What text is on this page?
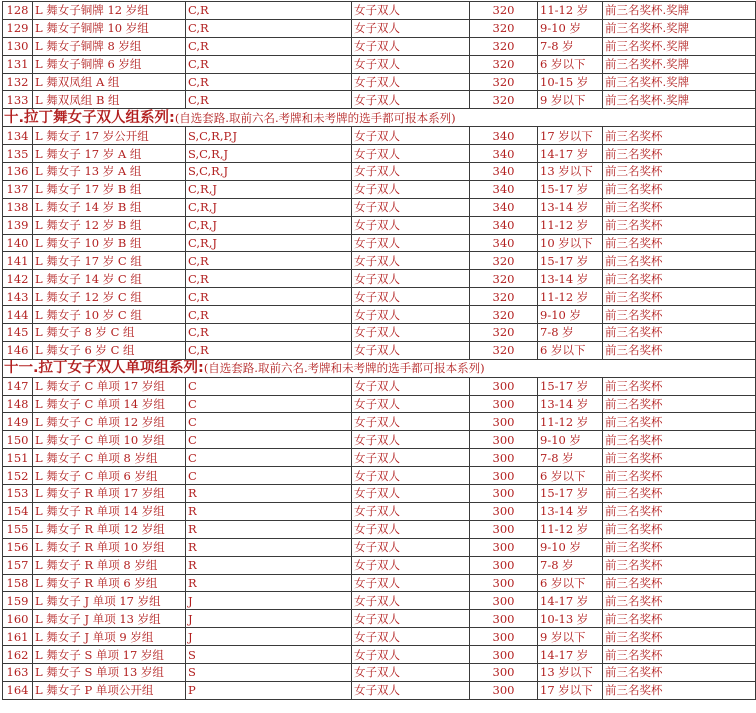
128	L 舞女子铜牌 12 岁组	C,R	女子双人	320	11-12 岁	前三名奖杯.奖牌
129	L 舞女子铜牌 10 岁组	C,R	女子双人	320	9-10 岁	前三名奖杯.奖牌
130	L 舞女子铜牌 8 岁组	C,R	女子双人	320	7-8 岁	前三名奖杯.奖牌
131	L 舞女子铜牌 6 岁组	C,R	女子双人	320	6 岁以下	前三名奖杯.奖牌
132	L 舞双凤组 A 组	C,R	女子双人	320	10-15 岁	前三名奖杯.奖牌
133	L 舞双凤组 B 组	C,R	女子双人	320	9 岁以下	前三名奖杯.奖牌
十.拉丁舞女子双人组系列:(自选套路.取前六名.考牌和未考牌的选手都可报本系列)						
134	L 舞女子 17 岁公开组	S,C,R,P,J	女子双人	340	17 岁以下	前三名奖杯
135	L 舞女子 17 岁 A 组	S,C,R,J	女子双人	340	14-17 岁	前三名奖杯
136	L 舞女子 13 岁 A 组	S,C,R,J	女子双人	340	13 岁以下	前三名奖杯
137	L 舞女子 17 岁 B 组	C,R,J	女子双人	340	15-17 岁	前三名奖杯
138	L 舞女子 14 岁 B 组	C,R,J	女子双人	340	13-14 岁	前三名奖杯
139	L 舞女子 12 岁 B 组	C,R,J	女子双人	340	11-12 岁	前三名奖杯
140	L 舞女子 10 岁 B 组	C,R,J	女子双人	340	10 岁以下	前三名奖杯
141	L 舞女子 17 岁 C 组	C,R	女子双人	320	15-17 岁	前三名奖杯
142	L 舞女子 14 岁 C 组	C,R	女子双人	320	13-14 岁	前三名奖杯
143	L 舞女子 12 岁 C 组	C,R	女子双人	320	11-12 岁	前三名奖杯
144	L 舞女子 10 岁 C 组	C,R	女子双人	320	9-10 岁	前三名奖杯
145	L 舞女子 8 岁 C 组	C,R	女子双人	320	7-8 岁	前三名奖杯
146	L 舞女子 6 岁 C 组	C,R	女子双人	320	6 岁以下	前三名奖杯
十一.拉丁女子双人单项组系列:(自选套路.取前六名.考牌和未考牌的选手都可报本系列)						
147	L 舞女子 C 单项 17 岁组	C	女子双人	300	15-17 岁	前三名奖杯
148	L 舞女子 C 单项 14 岁组	C	女子双人	300	13-14 岁	前三名奖杯
149	L 舞女子 C 单项 12 岁组	C	女子双人	300	11-12 岁	前三名奖杯
150	L 舞女子 C 单项 10 岁组	C	女子双人	300	9-10 岁	前三名奖杯
151	L 舞女子 C 单项 8 岁组	C	女子双人	300	7-8 岁	前三名奖杯
152	L 舞女子 C 单项 6 岁组	C	女子双人	300	6 岁以下	前三名奖杯
153	L 舞女子 R 单项 17 岁组	R	女子双人	300	15-17 岁	前三名奖杯
154	L 舞女子 R 单项 14 岁组	R	女子双人	300	13-14 岁	前三名奖杯
155	L 舞女子 R 单项 12 岁组	R	女子双人	300	11-12 岁	前三名奖杯
156	L 舞女子 R 单项 10 岁组	R	女子双人	300	9-10 岁	前三名奖杯
157	L 舞女子 R 单项 8 岁组	R	女子双人	300	7-8 岁	前三名奖杯
158	L 舞女子 R 单项 6 岁组	R	女子双人	300	6 岁以下	前三名奖杯
159	L 舞女子 J 单项 17 岁组	J	女子双人	300	14-17 岁	前三名奖杯
160	L 舞女子 J 单项 13 岁组	J	女子双人	300	10-13 岁	前三名奖杯
161	L 舞女子 J 单项 9 岁组	J	女子双人	300	9 岁以下	前三名奖杯
162	L 舞女子 S 单项 17 岁组	S	女子双人	300	14-17 岁	前三名奖杯
163	L 舞女子 S 单项 13 岁组	S	女子双人	300	13 岁以下	前三名奖杯
164	L 舞女子 P 单项公开组	P	女子双人	300	17 岁以下	前三名奖杯
